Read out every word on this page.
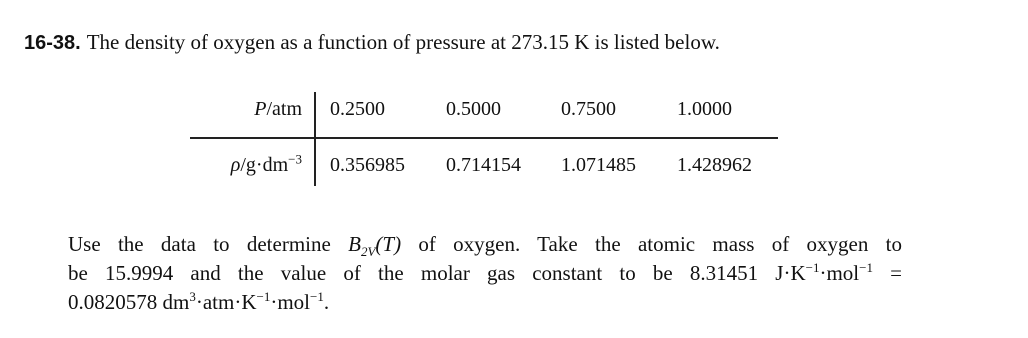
16-38. The density of oxygen as a function of pressure at 273.15 K is listed below.
P/atm 0.2500	0.5000	0.7500	1.0000
$\rho/g\cdot dm^{-3}$ 0.356985 0.714154 1.071485 1.428962
Use the data to determine $B_{2V}(T)$ of oxygen. Take the atomic mass of oxygen to
be 15.9994 and the value of the molar gas constant to be 8.31451 $J\cdot K^{-1}\cdot mol^{-1}$ =
0.0820578 $dm^3\cdot atm\cdot K^{-1}\cdot mol^{-1}$.
